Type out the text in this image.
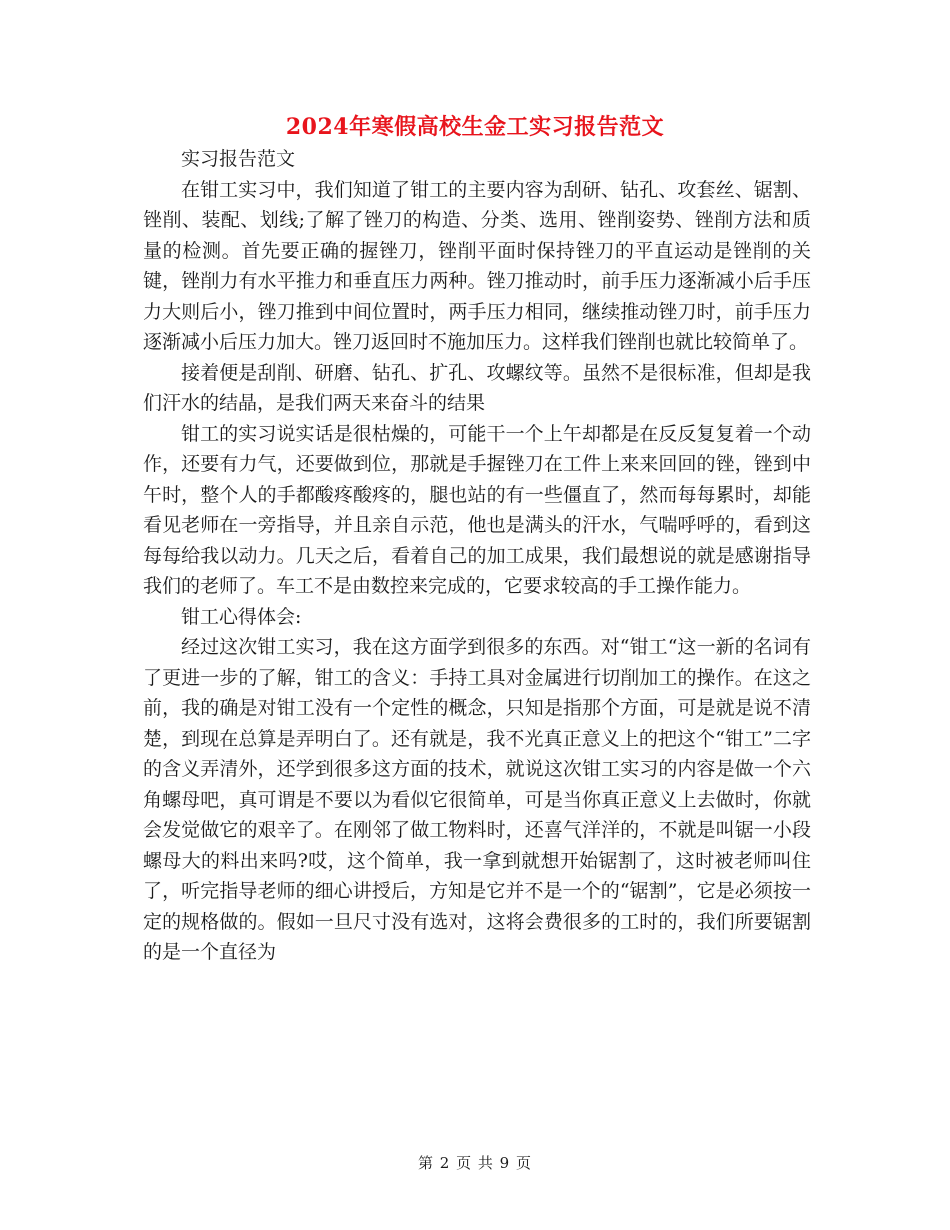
2024年寒假高校生金工实习报告范文

实习报告范文

在钳工实习中，我们知道了钳工的主要内容为刮研、钻孔、攻套丝、锯割、锉削、装配、划线;了解了锉刀的构造、分类、选用、锉削姿势、锉削方法和质量的检测。首先要正确的握锉刀，锉削平面时保持锉刀的平直运动是锉削的关键，锉削力有水平推力和垂直压力两种。锉刀推动时，前手压力逐渐减小后手压力大则后小，锉刀推到中间位置时，两手压力相同，继续推动锉刀时，前手压力逐渐减小后压力加大。锉刀返回时不施加压力。这样我们锉削也就比较简单了。

接着便是刮削、研磨、钻孔、扩孔、攻螺纹等。虽然不是很标准，但却是我们汗水的结晶，是我们两天来奋斗的结果

钳工的实习说实话是很枯燥的，可能干一个上午却都是在反反复复着一个动作，还要有力气，还要做到位，那就是手握锉刀在工件上来来回回的锉，锉到中午时，整个人的手都酸疼酸疼的，腿也站的有一些僵直了，然而每每累时，却能看见老师在一旁指导，并且亲自示范，他也是满头的汗水，气喘呼呼的，看到这每每给我以动力。几天之后，看着自己的加工成果，我们最想说的就是感谢指导我们的老师了。车工不是由数控来完成的，它要求较高的手工操作能力。

钳工心得体会:

经过这次钳工实习，我在这方面学到很多的东西。对“钳工“这一新的名词有了更进一步的了解，钳工的含义：手持工具对金属进行切削加工的操作。在这之前，我的确是对钳工没有一个定性的概念，只知是指那个方面，可是就是说不清楚，到现在总算是弄明白了。还有就是，我不光真正意义上的把这个“钳工”二字的含义弄清外，还学到很多这方面的技术，就说这次钳工实习的内容是做一个六角螺母吧，真可谓是不要以为看似它很简单，可是当你真正意义上去做时，你就会发觉做它的艰辛了。在刚邻了做工物料时，还喜气洋洋的，不就是叫锯一小段螺母大的料出来吗?哎，这个简单，我一拿到就想开始锯割了，这时被老师叫住了，听完指导老师的细心讲授后，方知是它并不是一个的“锯割”，它是必须按一定的规格做的。假如一旦尺寸没有选对，这将会费很多的工时的，我们所要锯割的是一个直径为

第 2 页 共 9 页
